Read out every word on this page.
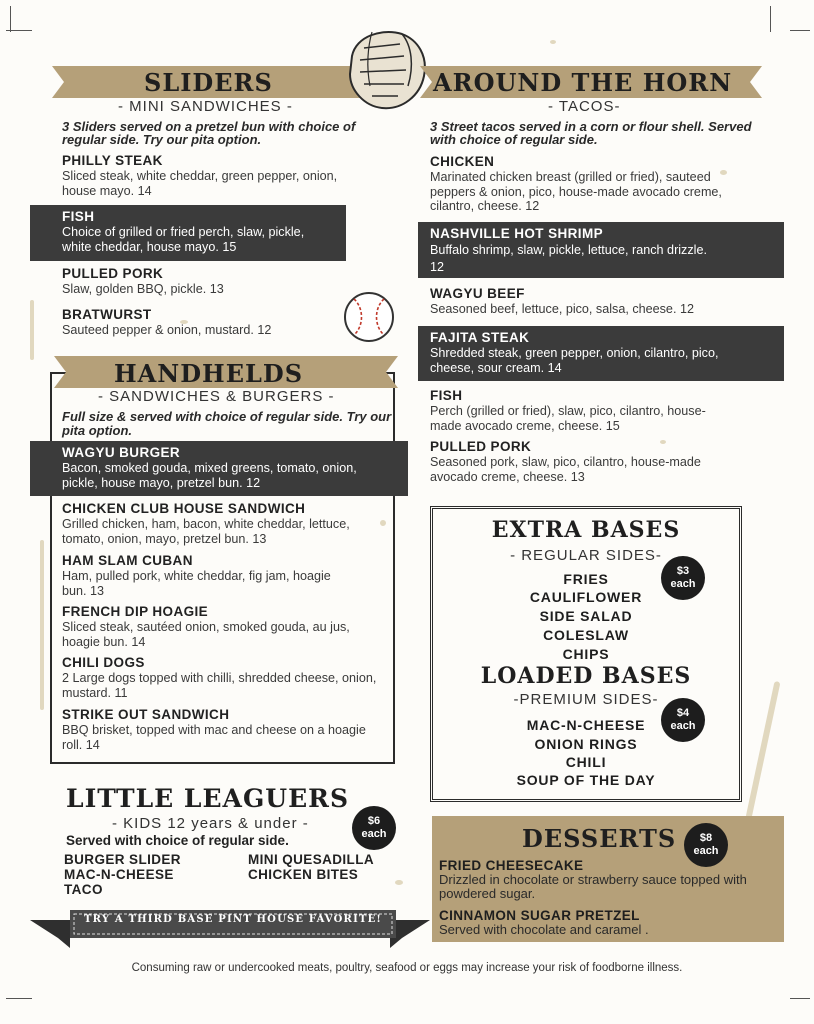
SLIDERS
- MINI SANDWICHES -
3 Sliders served on a pretzel bun with choice of regular side. Try our pita option.
PHILLY STEAK
Sliced steak, white cheddar, green pepper, onion, house mayo. 14
FISH
Choice of grilled or fried perch, slaw, pickle, white cheddar, house mayo. 15
PULLED PORK
Slaw, golden BBQ, pickle. 13
BRATWURST
Sauteed pepper & onion, mustard. 12
AROUND THE HORN
- TACOS-
3 Street tacos served in a corn or flour shell. Served with choice of regular side.
CHICKEN
Marinated chicken breast (grilled or fried), sauteed peppers & onion, pico, house-made avocado creme, cilantro, cheese. 12
NASHVILLE HOT SHRIMP
Buffalo shrimp, slaw, pickle, lettuce, ranch drizzle. 12
WAGYU BEEF
Seasoned beef, lettuce, pico, salsa, cheese. 12
FAJITA STEAK
Shredded steak, green pepper, onion, cilantro, pico, cheese, sour cream. 14
FISH
Perch (grilled or fried), slaw, pico, cilantro, house-made avocado creme, cheese. 15
PULLED PORK
Seasoned pork, slaw, pico, cilantro, house-made avocado creme, cheese. 13
HANDHELDS
- SANDWICHES & BURGERS -
Full size & served with choice of regular side. Try our pita option.
WAGYU BURGER
Bacon, smoked gouda, mixed greens, tomato, onion, pickle, house mayo, pretzel bun. 12
CHICKEN CLUB HOUSE SANDWICH
Grilled chicken, ham, bacon, white cheddar, lettuce, tomato, onion, mayo, pretzel bun. 13
HAM SLAM CUBAN
Ham, pulled pork, white cheddar, fig jam, hoagie bun. 13
FRENCH DIP HOAGIE
Sliced steak, sautéed onion, smoked gouda, au jus, hoagie bun. 14
CHILI DOGS
2 Large dogs topped with chilli, shredded cheese, onion, mustard. 11
STRIKE OUT SANDWICH
BBQ brisket, topped with mac and cheese on a hoagie roll. 14
EXTRA BASES
- REGULAR SIDES-
FRIES
CAULIFLOWER
SIDE SALAD
COLESLAW
CHIPS
LOADED BASES
-PREMIUM SIDES-
MAC-N-CHEESE
ONION RINGS
CHILI
SOUP OF THE DAY
$3
each
$4
each
LITTLE LEAGUERS
- KIDS 12 years & under -
Served with choice of regular side.
$6
each
BURGER SLIDER
MAC-N-CHEESE
TACO
MINI QUESADILLA
CHICKEN BITES
TRY A THIRD BASE PINT HOUSE FAVORITE!
DESSERTS	$8
each
FRIED CHEESECAKE
Drizzled in chocolate or strawberry sauce topped with powdered sugar.
CINNAMON SUGAR PRETZEL
Served with chocolate and caramel .
Consuming raw or undercooked meats, poultry, seafood or eggs may increase your risk of foodborne illness.
